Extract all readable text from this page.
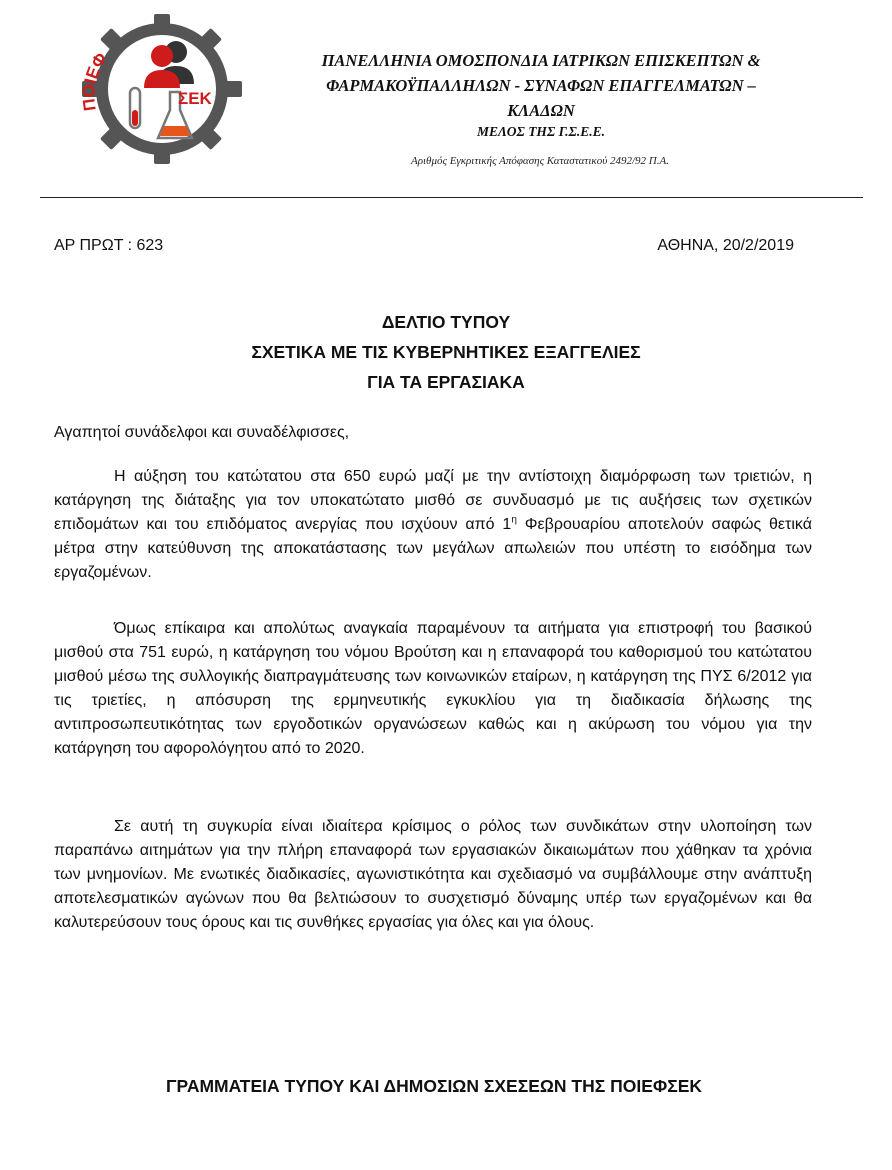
ΠΟΙΕΦ
ΣΕΚ
ΠΑΝΕΛΛΗΝΙΑ ΟΜΟΣΠΟΝΔΙΑ ΙΑΤΡΙΚΩΝ ΕΠΙΣΚΕΠΤΩΝ &
ΦΑΡΜΑΚΟΫΠΑΛΛΗΛΩΝ - ΣΥΝΑΦΩΝ ΕΠΑΓΓΕΛΜΑΤΩΝ –
ΚΛΑΔΩΝ
ΜΕΛΟΣ ΤΗΣ Γ.Σ.Ε.Ε.
Αριθμός Εγκριτικής Απόφασης Καταστατικού 2492/92 Π.Α.
ΑΡ ΠΡΩΤ : 623	ΑΘΗΝΑ, 20/2/2019
ΔΕΛΤΙΟ ΤΥΠΟΥ
ΣΧΕΤΙΚΑ ΜΕ ΤΙΣ ΚΥΒΕΡΝΗΤΙΚΕΣ ΕΞΑΓΓΕΛΙΕΣ
ΓΙΑ ΤΑ ΕΡΓΑΣΙΑΚΑ
Αγαπητοί συνάδελφοι και συναδέλφισσες,

Η αύξηση του κατώτατου στα 650 ευρώ μαζί με την αντίστοιχη διαμόρφωση των τριετιών, η κατάργηση της διάταξης για τον υποκατώτατο μισθό σε συνδυασμό με τις αυξήσεις των σχετικών επιδομάτων και του επιδόματος ανεργίας που ισχύουν από $1^\eta$ Φεβρουαρίου αποτελούν σαφώς θετικά μέτρα στην κατεύθυνση της αποκατάστασης των μεγάλων απωλειών που υπέστη το εισόδημα των εργαζομένων.

Όμως επίκαιρα και απολύτως αναγκαία παραμένουν τα αιτήματα για επιστροφή του βασικού μισθού στα 751 ευρώ, η κατάργηση του νόμου Βρούτση και η επαναφορά του καθορισμού του κατώτατου μισθού μέσω της συλλογικής διαπραγμάτευσης των κοινωνικών εταίρων, η κατάργηση της ΠΥΣ 6/2012 για τις τριετίες, η απόσυρση της ερμηνευτικής εγκυκλίου για τη διαδικασία δήλωσης της αντιπροσωπευτικότητας των εργοδοτικών οργανώσεων καθώς και η ακύρωση του νόμου για την κατάργηση του αφορολόγητου από το 2020.

Σε αυτή τη συγκυρία είναι ιδιαίτερα κρίσιμος ο ρόλος των συνδικάτων στην υλοποίηση των παραπάνω αιτημάτων για την πλήρη επαναφορά των εργασιακών δικαιωμάτων που χάθηκαν τα χρόνια των μνημονίων. Με ενωτικές διαδικασίες, αγωνιστικότητα και σχεδιασμό να συμβάλλουμε στην ανάπτυξη αποτελεσματικών αγώνων που θα βελτιώσουν το συσχετισμό δύναμης υπέρ των εργαζομένων και θα καλυτερεύσουν τους όρους και τις συνθήκες εργασίας για όλες και για όλους.

ΓΡΑΜΜΑΤΕΙΑ ΤΥΠΟΥ ΚΑΙ ΔΗΜΟΣΙΩΝ ΣΧΕΣΕΩΝ ΤΗΣ ΠΟΙΕΦΣΕΚ
